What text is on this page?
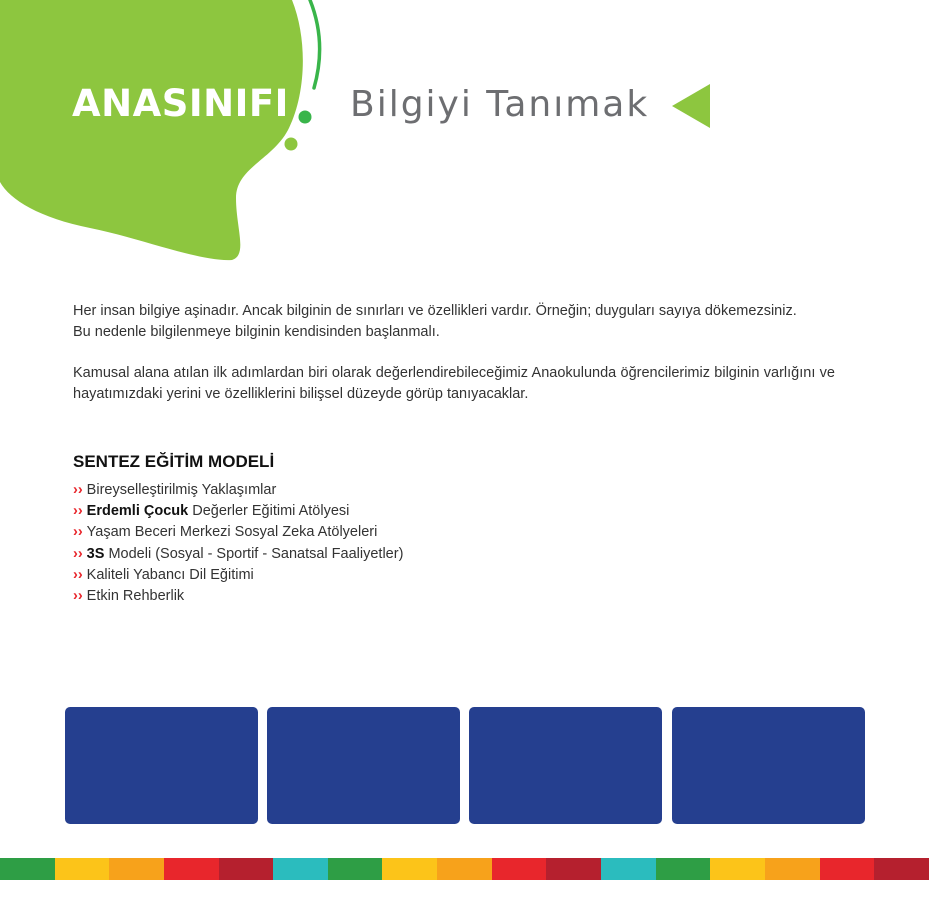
ANASINIFI Bilgiyi Tanımak

Her insan bilgiye aşinadır. Ancak bilginin de sınırları ve özellikleri vardır. Örneğin; duyguları sayıya dökemezsiniz.
Bu nedenle bilgilenmeye bilginin kendisinden başlanmalı.

Kamusal alana atılan ilk adımlardan biri olarak değerlendirebileceğimiz Anaokulunda öğrencilerimiz bilginin varlığını ve hayatımızdaki yerini ve özelliklerini bilişsel düzeyde görüp tanıyacaklar.

SENTEZ EĞİTİM MODELİ
›› Bireyselleştirilmiş Yaklaşımlar
›› Erdemli Çocuk Değerler Eğitimi Atölyesi
›› Yaşam Beceri Merkezi Sosyal Zeka Atölyeleri
›› 3S Modeli (Sosyal - Sportif - Sanatsal Faaliyetler)
›› Kaliteli Yabancı Dil Eğitimi
›› Etkin Rehberlik
